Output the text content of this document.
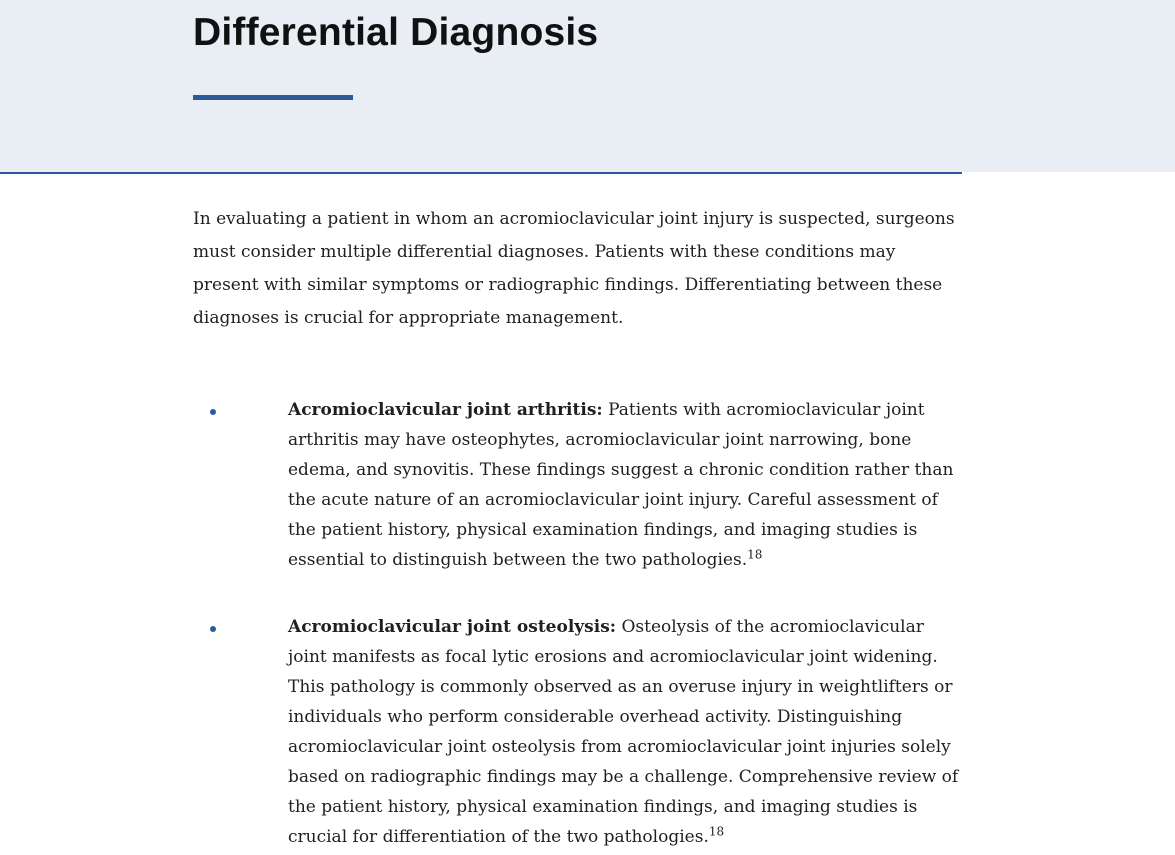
Differential Diagnosis

In evaluating a patient in whom an acromioclavicular joint injury is suspected, surgeons must consider multiple differential diagnoses. Patients with these conditions may present with similar symptoms or radiographic findings. Differentiating between these diagnoses is crucial for appropriate management.

Acromioclavicular joint arthritis: Patients with acromioclavicular joint arthritis may have osteophytes, acromioclavicular joint narrowing, bone edema, and synovitis. These findings suggest a chronic condition rather than the acute nature of an acromioclavicular joint injury. Careful assessment of the patient history, physical examination findings, and imaging studies is essential to distinguish between the two pathologies.$^{18}$
Acromioclavicular joint osteolysis: Osteolysis of the acromioclavicular joint manifests as focal lytic erosions and acromioclavicular joint widening. This pathology is commonly observed as an overuse injury in weightlifters or individuals who perform considerable overhead activity. Distinguishing acromioclavicular joint osteolysis from acromioclavicular joint injuries solely based on radiographic findings may be a challenge. Comprehensive review of the patient history, physical examination findings, and imaging studies is crucial for differentiation of the two pathologies.$^{18}$
